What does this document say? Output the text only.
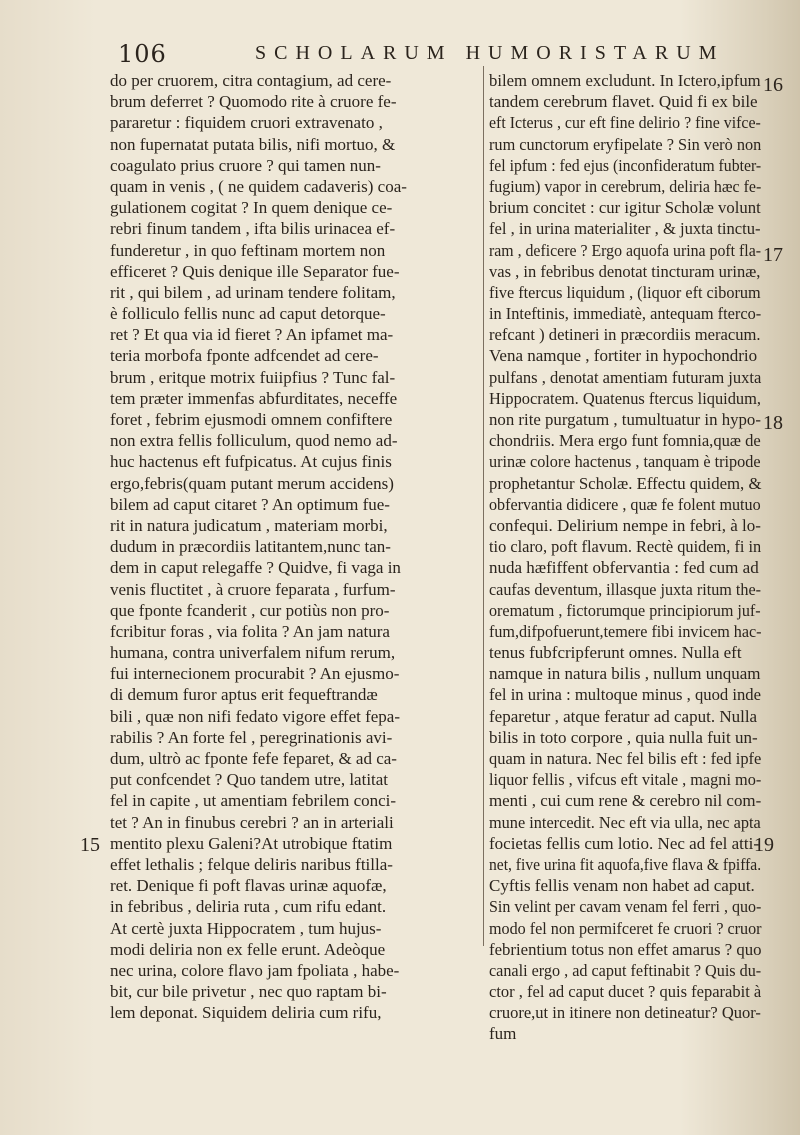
106	SCHOLARUM HUMORISTARUM

do per cruorem, citra contagium, ad cere-

brum deferret ? Quomodo rite à cruore fe-

pararetur : fiquidem cruori extravenato ,

non fupernatat putata bilis, nifi mortuo, &

coagulato prius cruore ? qui tamen nun-

quam in venis , ( ne quidem cadaveris) coa-

gulationem cogitat ? In quem denique ce-

rebri finum tandem , ifta bilis urinacea ef-

funderetur , in quo feftinam mortem non

efficeret ? Quis denique ille Separator fue-

rit , qui bilem , ad urinam tendere folitam,

è folliculo fellis nunc ad caput detorque-

ret ? Et qua via id fieret ? An ipfamet ma-

teria morbofa fponte adfcendet ad cere-

brum , eritque motrix fuiipfius ? Tunc fal-

tem præter immenfas abfurditates, neceffe

foret , febrim ejusmodi omnem confiftere

non extra fellis folliculum, quod nemo ad-

huc hactenus eft fufpicatus. At cujus finis

ergo,febris(quam putant merum accidens)

bilem ad caput citaret ? An optimum fue-

rit in natura judicatum , materiam morbi,

dudum in præcordiis latitantem,nunc tan-

dem in caput relegaffe ? Quidve, fi vaga in

venis fluctitet , à cruore feparata , furfum-

que fponte fcanderit , cur potiùs non pro-

fcribitur foras , via folita ? An jam natura

humana, contra univerfalem nifum rerum,

fui internecionem procurabit ? An ejusmo-

di demum furor aptus erit fequeftrandæ

bili , quæ non nifi fedato vigore effet fepa-

rabilis ? An forte fel , peregrinationis avi-

dum, ultrò ac fponte fefe feparet, & ad ca-

put confcendet ? Quo tandem utre, latitat

fel in capite , ut amentiam febrilem conci-

tet ? An in finubus cerebri ? an in arteriali

mentito plexu Galeni?At utrobique ftatim

effet lethalis ; felque deliris naribus ftilla-

ret. Denique fi poft flavas urinæ aquofæ,

in febribus , deliria ruta , cum rifu edant.

At certè juxta Hippocratem , tum hujus-

modi deliria non ex felle erunt. Adeòque

nec urina, colore flavo jam fpoliata , habe-

bit, cur bile privetur , nec quo raptam bi-

lem deponat. Siquidem deliria cum rifu,

bilem omnem excludunt. In Ictero,ipfum

tandem cerebrum flavet. Quid fi ex bile

eft Icterus , cur eft fine delirio ? fine vifce-

rum cunctorum eryfipelate ? Sin verò non

fel ipfum : fed ejus (inconfideratum fubter-

fugium) vapor in cerebrum, deliria hæc fe-

brium concitet : cur igitur Scholæ volunt

fel , in urina materialiter , & juxta tinctu-

ram , deficere ? Ergo aquofa urina poft fla-

vas , in febribus denotat tincturam urinæ,

five ftercus liquidum , (liquor eft ciborum

in Inteftinis, immediatè, antequam fterco-

refcant ) detineri in præcordiis meracum.

Vena namque , fortiter in hypochondrio

pulfans , denotat amentiam futuram juxta

Hippocratem. Quatenus ftercus liquidum,

non rite purgatum , tumultuatur in hypo-

chondriis. Mera ergo funt fomnia,quæ de

urinæ colore hactenus , tanquam è tripode

prophetantur Scholæ. Effectu quidem, &

obfervantia didicere , quæ fe folent mutuo

confequi. Delirium nempe in febri, à lo-

tio claro, poft flavum. Rectè quidem, fi in

nuda hæfiffent obfervantia : fed cum ad

caufas deventum, illasque juxta ritum the-

orematum , fictorumque principiorum juf-

fum,difpofuerunt,temere fibi invicem hac-

tenus fubfcripferunt omnes. Nulla eft

namque in natura bilis , nullum unquam

fel in urina : multoque minus , quod inde

feparetur , atque feratur ad caput. Nulla

bilis in toto corpore , quia nulla fuit un-

quam in natura. Nec fel bilis eft : fed ipfe

liquor fellis , vifcus eft vitale , magni mo-

menti , cui cum rene & cerebro nil com-

mune intercedit. Nec eft via ulla, nec apta

focietas fellis cum lotio. Nec ad fel atti-

net, five urina fit aquofa,five flava & fpiffa.

Cyftis fellis venam non habet ad caput.

Sin velint per cavam venam fel ferri , quo-

modo fel non permifceret fe cruori ? cruor

febrientium totus non effet amarus ? quo

canali ergo , ad caput feftinabit ? Quis du-

ctor , fel ad caput ducet ? quis feparabit à

cruore,ut in itinere non detineatur? Quor-

fum

16
17
18
19
15
